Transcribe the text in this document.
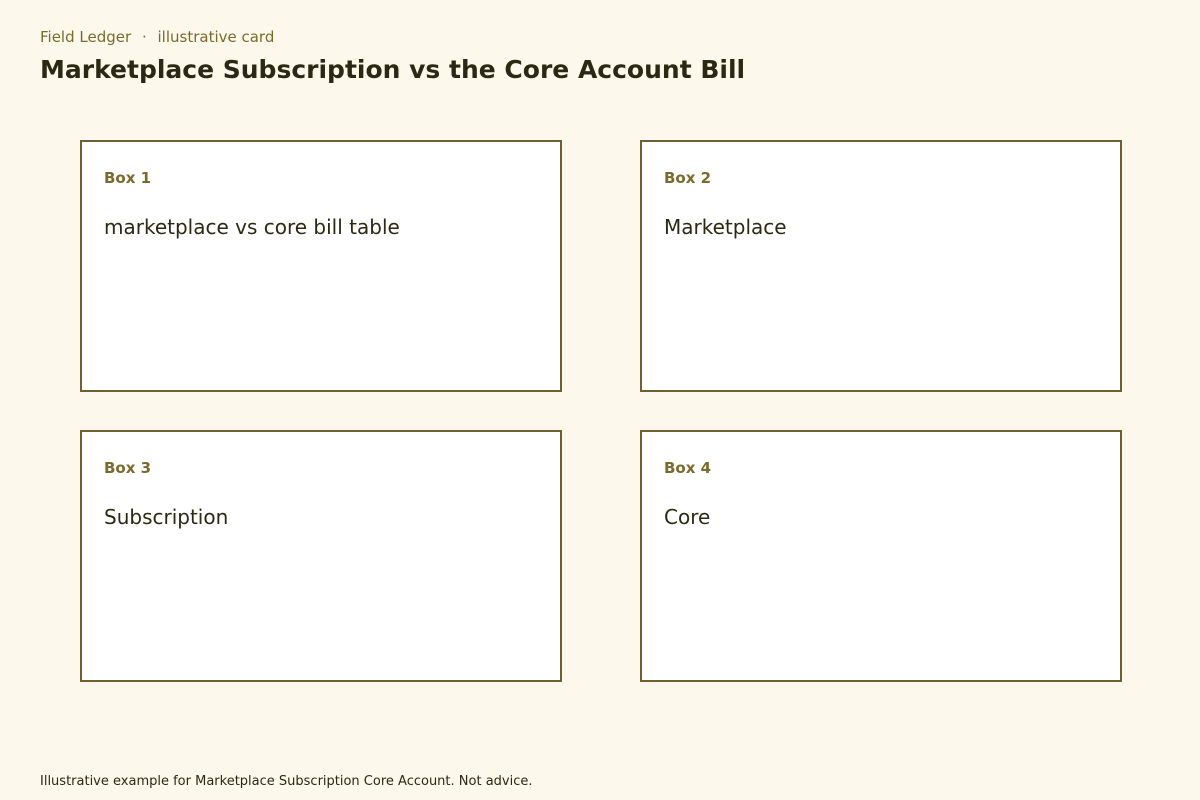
Field Ledger · illustrative card
Marketplace Subscription vs the Core Account Bill
Box 1
marketplace vs core bill table
Box 2
Marketplace
Box 3
Subscription
Box 4
Core
Illustrative example for Marketplace Subscription Core Account. Not advice.
